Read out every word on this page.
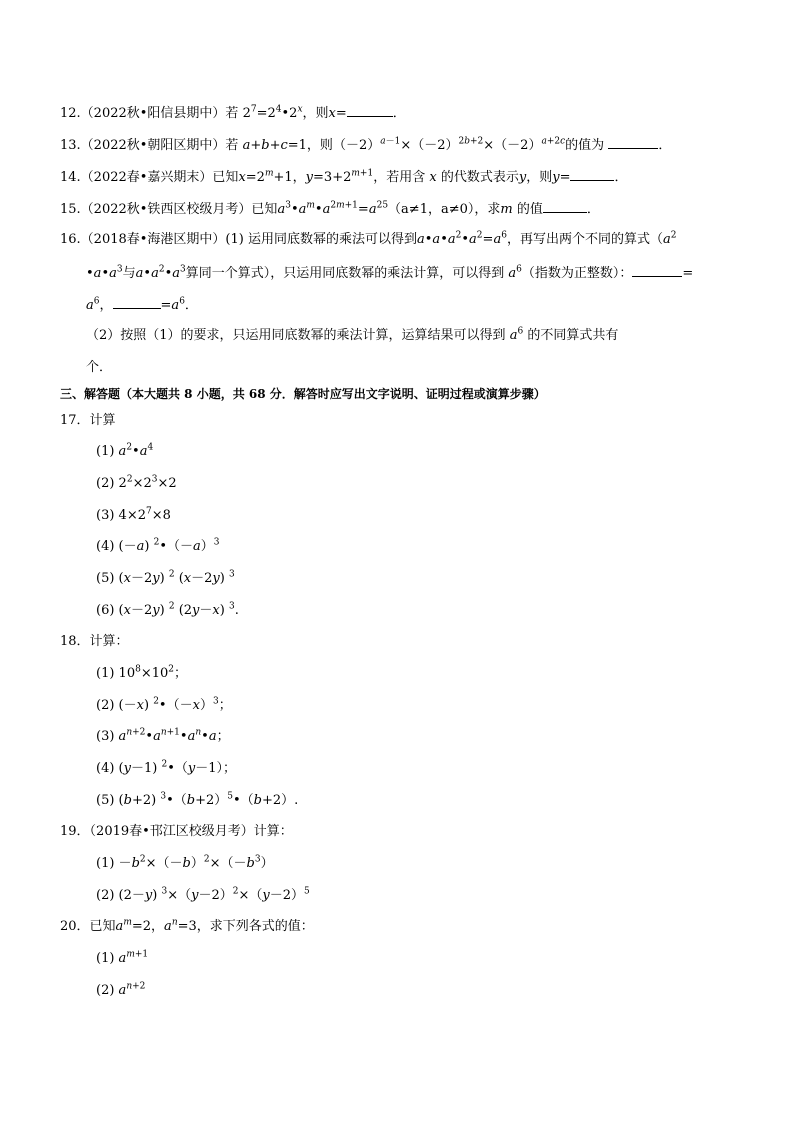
12.（2022秋•阳信县期中）若 $2^7=2^4•2^x$，则x=	．
13.（2022秋•朝阳区期中）若 a+b+c=1，则$(-2)^{a-1}\times(-2)^{2b+2}\times(-2)^{a+2c}$的值为	．
14.（2022春•嘉兴期末）已知$x=2^m+1$，$y=3+2^{m+1}$，若用含 x 的代数式表示y，则y=	．
15.（2022秋•铁西区校级月考）已知$a^3•a^m•a^{2m+1}=a^{25}(a\ne 1$，a≠0），求m 的值	．
16.（2018春•海港区期中）(1) 运用同底数幂的乘法可以得到$a•a•a^2•a^2=a^6$，再写出两个不同的算式（$a^2$
$•a•a^3$与$a•a^2•a^3$算同一个算式），只运用同底数幂的乘法计算，可以得到 $a^6$（指数为正整数）：	=
$a^6$，	$=a^6$．
（2）按照（1）的要求，只运用同底数幂的乘法计算，运算结果可以得到 $a^6$ 的不同算式共有
个．
三、解答题（本大题共 8 小题，共 68 分．解答时应写出文字说明、证明过程或演算步骤）
17．计算
(1) $a^2•a^4$
(2) $2^2\times 2^3\times 2$
(3) $4\times 2^7\times 8$
(4) (－a) $^2•(-a)^3$
(5) (x－2y) $^2$ (x－2y) $^3$
(6) (x－2y) $^2$ (2y－x) $^3$.
18．计算：
(1) $10^8\times 10^2$；
(2) (－x) $^2•(-x)^3$；
(3) $a^{n+2}•a^{n+1}•a^n•a$；
(4) (y－1) $^2$•（y－1）；
(5) (b+2) $^3•(b+2)^5•(b+2)$.
19．（2019春•邗江区校级月考）计算：
$(1) -b^2\times(-b)^2\times(-b^3)$
(2) (2－y) $^3\times(y-2)^2\times(y-2)^5$
20．已知$a^m=2$，$a^n=3$，求下列各式的值：
(1) $a^{m+1}$
(2) $a^{n+2}$
